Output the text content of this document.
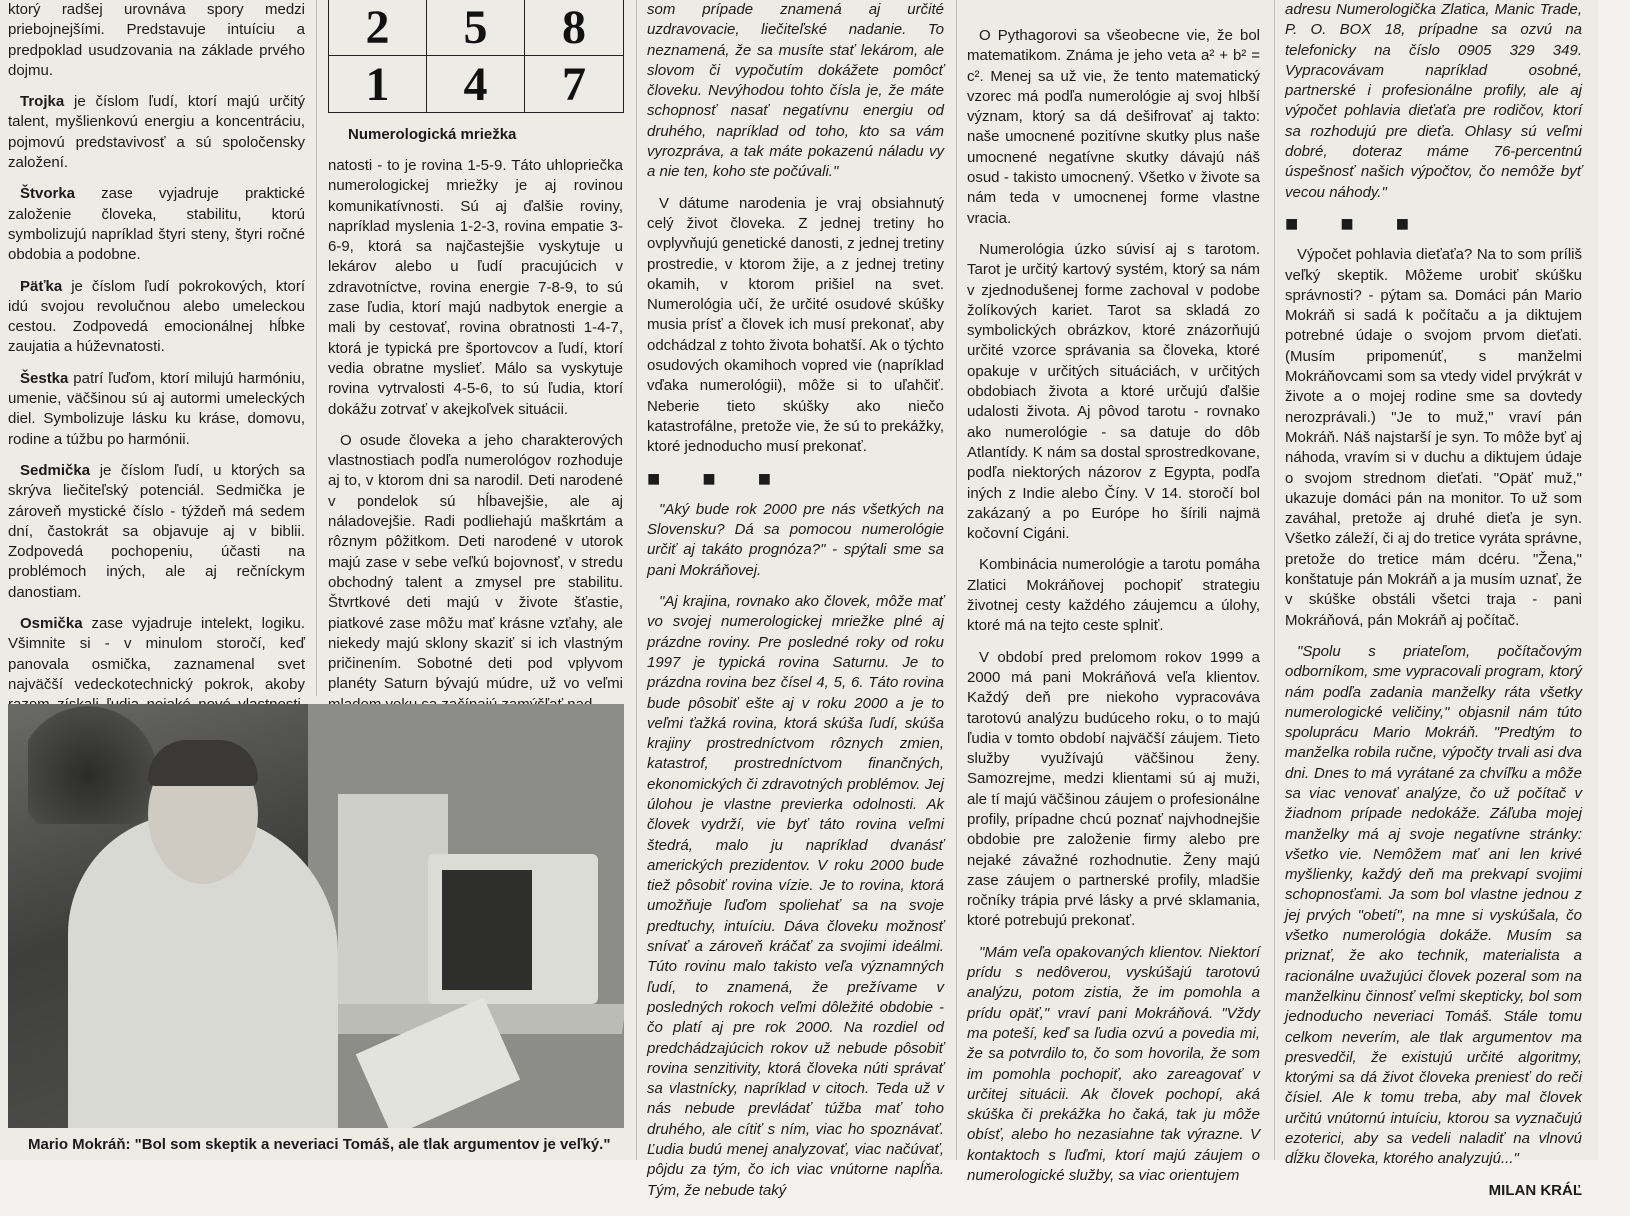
ktorý radšej urovnáva spory medzi priebojnejšími. Predstavuje intuíciu a predpoklad usudzovania na základe prvého dojmu.

Trojka je číslom ľudí, ktorí majú určitý talent, myšlienkovú energiu a koncentráciu, pojmovú predstavivosť a sú spoločensky založení.

Štvorka zase vyjadruje praktické založenie človeka, stabilitu, ktorú symbolizujú napríklad štyri steny, štyri ročné obdobia a podobne.

Päťka je číslom ľudí pokrokových, ktorí idú svojou revolučnou alebo umeleckou cestou. Zodpovedá emocionálnej hĺbke zaujatia a húževnatosti.

Šestka patrí ľuďom, ktorí milujú harmóniu, umenie, väčšinou sú aj autormi umeleckých diel. Symbolizuje lásku ku kráse, domovu, rodine a túžbu po harmónii.

Sedmička je číslom ľudí, u ktorých sa skrýva liečiteľský potenciál. Sedmička je zároveň mystické číslo - týždeň má sedem dní, častokrát sa objavuje aj v biblii. Zodpovedá pochopeniu, účasti na problémoch iných, ale aj rečníckym danostiam.

Osmička zase vyjadruje intelekt, logiku. Všimnite si - v minulom storočí, keď panovala osmička, zaznamenal svet najväčší vedeckotechnický pokrok, akoby

2	5	8
1	4	7
Numerologická mriežka

natosti - to je rovina 1-5-9. Táto uhlopriečka numerologickej mriežky je aj rovinou komunikatívnosti. Sú aj ďalšie roviny, napríklad myslenia 1-2-3, rovina empatie 3-6-9, ktorá sa najčastejšie vyskytuje u lekárov alebo u ľudí pracujúcich v zdravotníctve, rovina energie 7-8-9, to sú zase ľudia, ktorí majú nadbytok energie a mali by cestovať, rovina obratnosti 1-4-7, ktorá je typická pre športovcov a ľudí, ktorí vedia obratne myslieť. Málo sa vyskytuje rovina vytrvalosti 4-5-6, to sú ľudia, ktorí dokážu zotrvať v akejkoľvek situácii.

O osude človeka a jeho charakterových vlastnostiach podľa numerológov rozhoduje aj to, v ktorom dni sa narodil. Deti narodené v pondelok sú hĺbavejšie, ale aj náladovejšie. Radi podliehajú maškrtám a rôznym pôžitkom. Deti narodené v utorok majú zase v sebe veľkú bojovnosť, v stredu obchodný talent a zmysel pre stabilitu. Štvrtkové deti majú v živote šťastie, piatkové zase môžu mať krásne vzťahy, ale niekedy majú sklony skaziť si ich vlastným pričinením. Sobotné deti pod vplyvom planéty Saturn bývajú múdre, už vo veľmi

Mario Mokráň: "Bol som skeptik a neveriaci Tomáš, ale tlak argumentov je veľký."

som prípade znamená aj určité uzdravovacie, liečiteľské nadanie. To neznamená, že sa musíte stať lekárom, ale slovom či vypočutím dokážete pomôcť človeku. Nevýhodou tohto čísla je, že máte schopnosť nasať negatívnu energiu od druhého, napríklad od toho, kto sa vám vyrozpráva, a tak máte pokazenú náladu vy a nie ten, koho ste počúvali."

V dátume narodenia je vraj obsiahnutý celý život človeka. Z jednej tretiny ho ovplyvňujú genetické danosti, z jednej tretiny prostredie, v ktorom žije, a z jednej tretiny okamih, v ktorom prišiel na svet. Numerológia učí, že určité osudové skúšky musia prísť a človek ich musí prekonať, aby odchádzal z tohto života bohatší. Ak o týchto osudových okamihoch vopred vie (napríklad vďaka numerológii), môže si to uľahčiť. Neberie tieto skúšky ako niečo katastrofálne, pretože vie, že sú to prekážky, ktoré jednoducho musí prekonať.

■ ■ ■

"Aký bude rok 2000 pre nás všetkých na Slovensku? Dá sa pomocou numerológie určiť aj takáto prognóza?" - spýtali sme sa pani Mokráňovej.

"Aj krajina, rovnako ako človek, môže mať vo svojej numerologickej mriežke plné aj prázdne roviny. Pre posledné roky od roku 1997 je typická rovina Saturnu. Je to prázdna rovina bez čísel 4, 5, 6. Táto rovina bude pôsobiť ešte aj v roku 2000 a je to veľmi ťažká rovina, ktorá skúša ľudí, skúša krajiny prostredníctvom rôznych zmien, katastrof, prostredníctvom finančných, ekonomických či zdravotných problémov. Jej úlohou je vlastne previerka odolnosti. Ak človek vydrží, vie byť táto rovina veľmi štedrá, malo ju napríklad dvanásť amerických prezidentov. V roku 2000 bude tiež pôsobiť rovina vízie. Je to rovina, ktorá umožňuje ľuďom spoliehať sa na svoje predtuchy, intuíciu. Dáva človeku možnosť snívať a zároveň kráčať za svojimi ideálmi. Túto rovinu malo takisto veľa významných ľudí, to znamená, že prežívame v posledných rokoch veľmi dôležité obdobie - čo platí aj pre rok 2000. Na rozdiel od predchádzajúcich rokov už nebude pôsobiť rovina senzitivity, ktorá človeka núti správať sa vlastnícky, napríklad v citoch. Teda už v nás nebude prevládať túžba mať toho druhého, ale cítiť s ním, viac ho spoznávať. Ľudia budú menej analyzovať, viac načúvať, pôjdu za tým, čo ich viac vnútorne napĺňa. Tým, že nebude taký

O Pythagorovi sa všeobecne vie, že bol matematikom. Známa je jeho veta a² + b² = c². Menej sa už vie, že tento matematický vzorec má podľa numerológie aj svoj hlbší význam, ktorý sa dá dešifrovať aj takto: naše umocnené pozitívne skutky plus naše umocnené negatívne skutky dávajú náš osud - takisto umocnený. Všetko v živote sa nám teda v umocnenej forme vlastne vracia.

Numerológia úzko súvisí aj s tarotom. Tarot je určitý kartový systém, ktorý sa nám v zjednodušenej forme zachoval v podobe žolíkových kariet. Tarot sa skladá zo symbolických obrázkov, ktoré znázorňujú určité vzorce správania sa človeka, ktoré opakuje v určitých situáciách, v určitých obdobiach života a ktoré určujú ďalšie udalosti života. Aj pôvod tarotu - rovnako ako numerológie - sa datuje do dôb Atlantídy. K nám sa dostal sprostredkovane, podľa niektorých názorov z Egypta, podľa iných z Indie alebo Číny. V 14. storočí bol zakázaný a po Európe ho šírili najmä kočovní Cigáni.

Kombinácia numerológie a tarotu pomáha Zlatici Mokráňovej pochopiť strategiu životnej cesty každého záujemcu a úlohy, ktoré má na tejto ceste splniť.

V období pred prelomom rokov 1999 a 2000 má pani Mokráňová veľa klientov. Každý deň pre niekoho vypracováva tarotovú analýzu budúceho roku, o to majú ľudia v tomto období najväčší záujem. Tieto služby využívajú väčšinou ženy. Samozrejme, medzi klientami sú aj muži, ale tí majú väčšinou záujem o profesionálne profily, prípadne chcú poznať najvhodnejšie obdobie pre založenie firmy alebo pre nejaké závažné rozhodnutie. Ženy majú zase záujem o partnerské profily, mladšie ročníky trápia prvé lásky a prvé sklamania, ktoré potrebujú prekonať.

"Mám veľa opakovaných klientov. Niektorí prídu s nedôverou, vyskúšajú tarotovú analýzu, potom zistia, že im pomohla a prídu opäť," vraví pani Mokráňová. "Vždy ma poteší, keď sa ľudia ozvú a povedia mi, že sa potvrdilo to, čo som hovorila, že som im pomohla pochopiť, ako zareagovať v určitej situácii. Ak človek pochopí, aká skúška či prekážka ho čaká, tak ju môže obísť, alebo ho nezasiahne tak výrazne. V kontaktoch s ľuďmi, ktorí majú záujem o numerologické služby, sa viac orientujem

adresu Numerologička Zlatica, Manic Trade, P. O. BOX 18, prípadne sa ozvú na telefonicky na číslo 0905 329 349. Vypracovávam napríklad osobné, partnerské i profesionálne profily, ale aj výpočet pohlavia dieťaťa pre rodičov, ktorí sa rozhodujú pre dieťa. Ohlasy sú veľmi dobré, doteraz máme 76-percentnú úspešnosť našich výpočtov, čo nemôže byť vecou náhody."

■ ■ ■

Výpočet pohlavia dieťaťa? Na to som príliš veľký skeptik. Môžeme urobiť skúšku správnosti? - pýtam sa. Domáci pán Mario Mokráň si sadá k počítaču a ja diktujem potrebné údaje o svojom prvom dieťati. (Musím pripomenúť, s manželmi Mokráňovcami som sa vtedy videl prvýkrát v živote a o mojej rodine sme sa dovtedy nerozprávali.) "Je to muž," vraví pán Mokráň. Náš najstarší je syn. To môže byť aj náhoda, vravím si v duchu a diktujem údaje o svojom strednom dieťati. "Opäť muž," ukazuje domáci pán na monitor. To už som zaváhal, pretože aj druhé dieťa je syn. Všetko záleží, či aj do tretice vyráta správne, pretože do tretice mám dcéru. "Žena," konštatuje pán Mokráň a ja musím uznať, že v skúške obstáli všetci traja - pani Mokráňová, pán Mokráň aj počítač.

"Spolu s priateľom, počítačovým odborníkom, sme vypracovali program, ktorý nám podľa zadania manželky ráta všetky numerologické veličiny," objasnil nám túto spoluprácu Mario Mokráň. "Predtým to manželka robila ručne, výpočty trvali asi dva dni. Dnes to má vyrátané za chvíľku a môže sa viac venovať analýze, čo už počítač v žiadnom prípade nedokáže. Záľuba mojej manželky má aj svoje negatívne stránky: všetko vie. Nemôžem mať ani len krivé myšlienky, každý deň ma prekvapí svojimi schopnosťami. Ja som bol vlastne jednou z jej prvých "obetí", na mne si vyskúšala, čo všetko numerológia dokáže. Musím sa priznať, že ako technik, materialista a racionálne uvažujúci človek pozeral som na manželkinu činnosť veľmi skepticky, bol som jednoducho neveriaci Tomáš. Stále tomu celkom neverím, ale tlak argumentov ma presvedčil, že existujú určité algoritmy, ktorými sa dá život človeka preniesť do reči čísiel. Ale k tomu treba, aby mal človek určitú vnútornú intuíciu, ktorou sa vyznačujú ezoterici, aby sa vedeli naladiť na vlnovú dĺžku človeka, ktorého analyzujú..."

MILAN KRÁĽ
